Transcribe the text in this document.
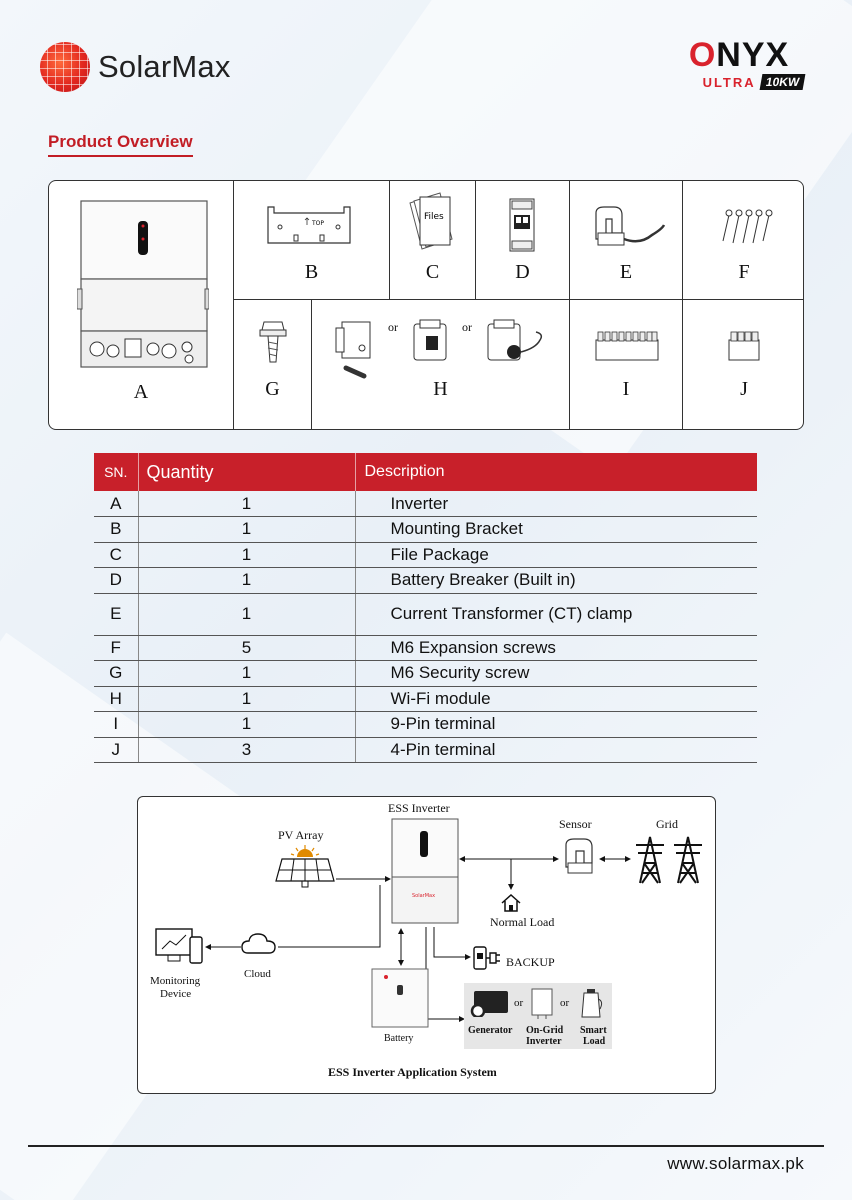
SolarMax	ONYX
ULTRA 10KW
Product Overview
A
TOP
B
Files
C	D	E	F
G
or	or
H	I	J
SN.	Quantity	Description
A	1	Inverter
B	1	Mounting Bracket
C	1	File Package
D	1	Battery Breaker (Built in)
E	1	Current Transformer (CT) clamp
F	5	M6 Expansion screws
G	1	M6 Security screw
H	1	Wi-Fi module
I	1	9-Pin terminal
J	3	4-Pin terminal
ESS Inverter
SolarMax
PV Array
Sensor	Grid
Normal Load
Monitoring
Device
Cloud
BACKUP
Battery
Generator
or
On-Grid
Inverter
or
Smart
Load
ESS Inverter Application System
www.solarmax.pk
